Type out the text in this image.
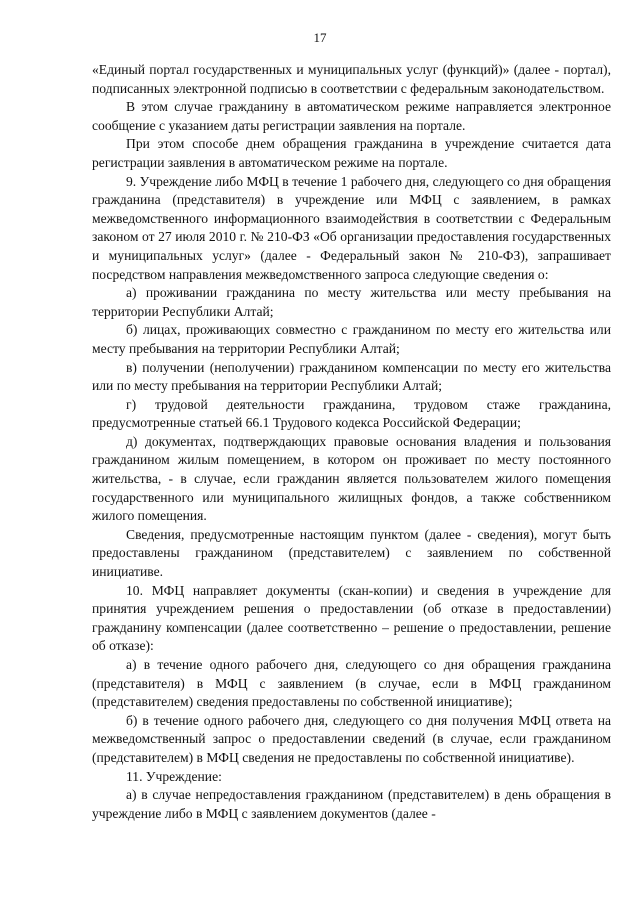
17

«Единый портал государственных и муниципальных услуг (функций)» (далее - портал), подписанных электронной подписью в соответствии с федеральным законодательством.

В этом случае гражданину в автоматическом режиме направляется электронное сообщение с указанием даты регистрации заявления на портале.

При этом способе днем обращения гражданина в учреждение считается дата регистрации заявления в автоматическом режиме на портале.

9. Учреждение либо МФЦ в течение 1 рабочего дня, следующего со дня обращения гражданина (представителя) в учреждение или МФЦ с заявлением, в рамках межведомственного информационного взаимодействия в соответствии с Федеральным законом от 27 июля 2010 г. № 210-ФЗ «Об организации предоставления государственных и муниципальных услуг» (далее - Федеральный закон № 210-ФЗ), запрашивает посредством направления межведомственного запроса следующие сведения о:

а) проживании гражданина по месту жительства или месту пребывания на территории Республики Алтай;

б) лицах, проживающих совместно с гражданином по месту его жительства или месту пребывания на территории Республики Алтай;

в) получении (неполучении) гражданином компенсации по месту его жительства или по месту пребывания на территории Республики Алтай;

г) трудовой деятельности гражданина, трудовом стаже гражданина, предусмотренные статьей 66.1 Трудового кодекса Российской Федерации;

д) документах, подтверждающих правовые основания владения и пользования гражданином жилым помещением, в котором он проживает по месту постоянного жительства, - в случае, если гражданин является пользователем жилого помещения государственного или муниципального жилищных фондов, а также собственником жилого помещения.

Сведения, предусмотренные настоящим пунктом (далее - сведения), могут быть предоставлены гражданином (представителем) с заявлением по собственной инициативе.

10. МФЦ направляет документы (скан-копии) и сведения в учреждение для принятия учреждением решения о предоставлении (об отказе в предоставлении) гражданину компенсации (далее соответственно – решение о предоставлении, решение об отказе):

а) в течение одного рабочего дня, следующего со дня обращения гражданина (представителя) в МФЦ с заявлением (в случае, если в МФЦ гражданином (представителем) сведения предоставлены по собственной инициативе);

б) в течение одного рабочего дня, следующего со дня получения МФЦ ответа на межведомственный запрос о предоставлении сведений (в случае, если гражданином (представителем) в МФЦ сведения не предоставлены по собственной инициативе).

11. Учреждение:

а) в случае непредоставления гражданином (представителем) в день обращения в учреждение либо в МФЦ с заявлением документов (далее -
